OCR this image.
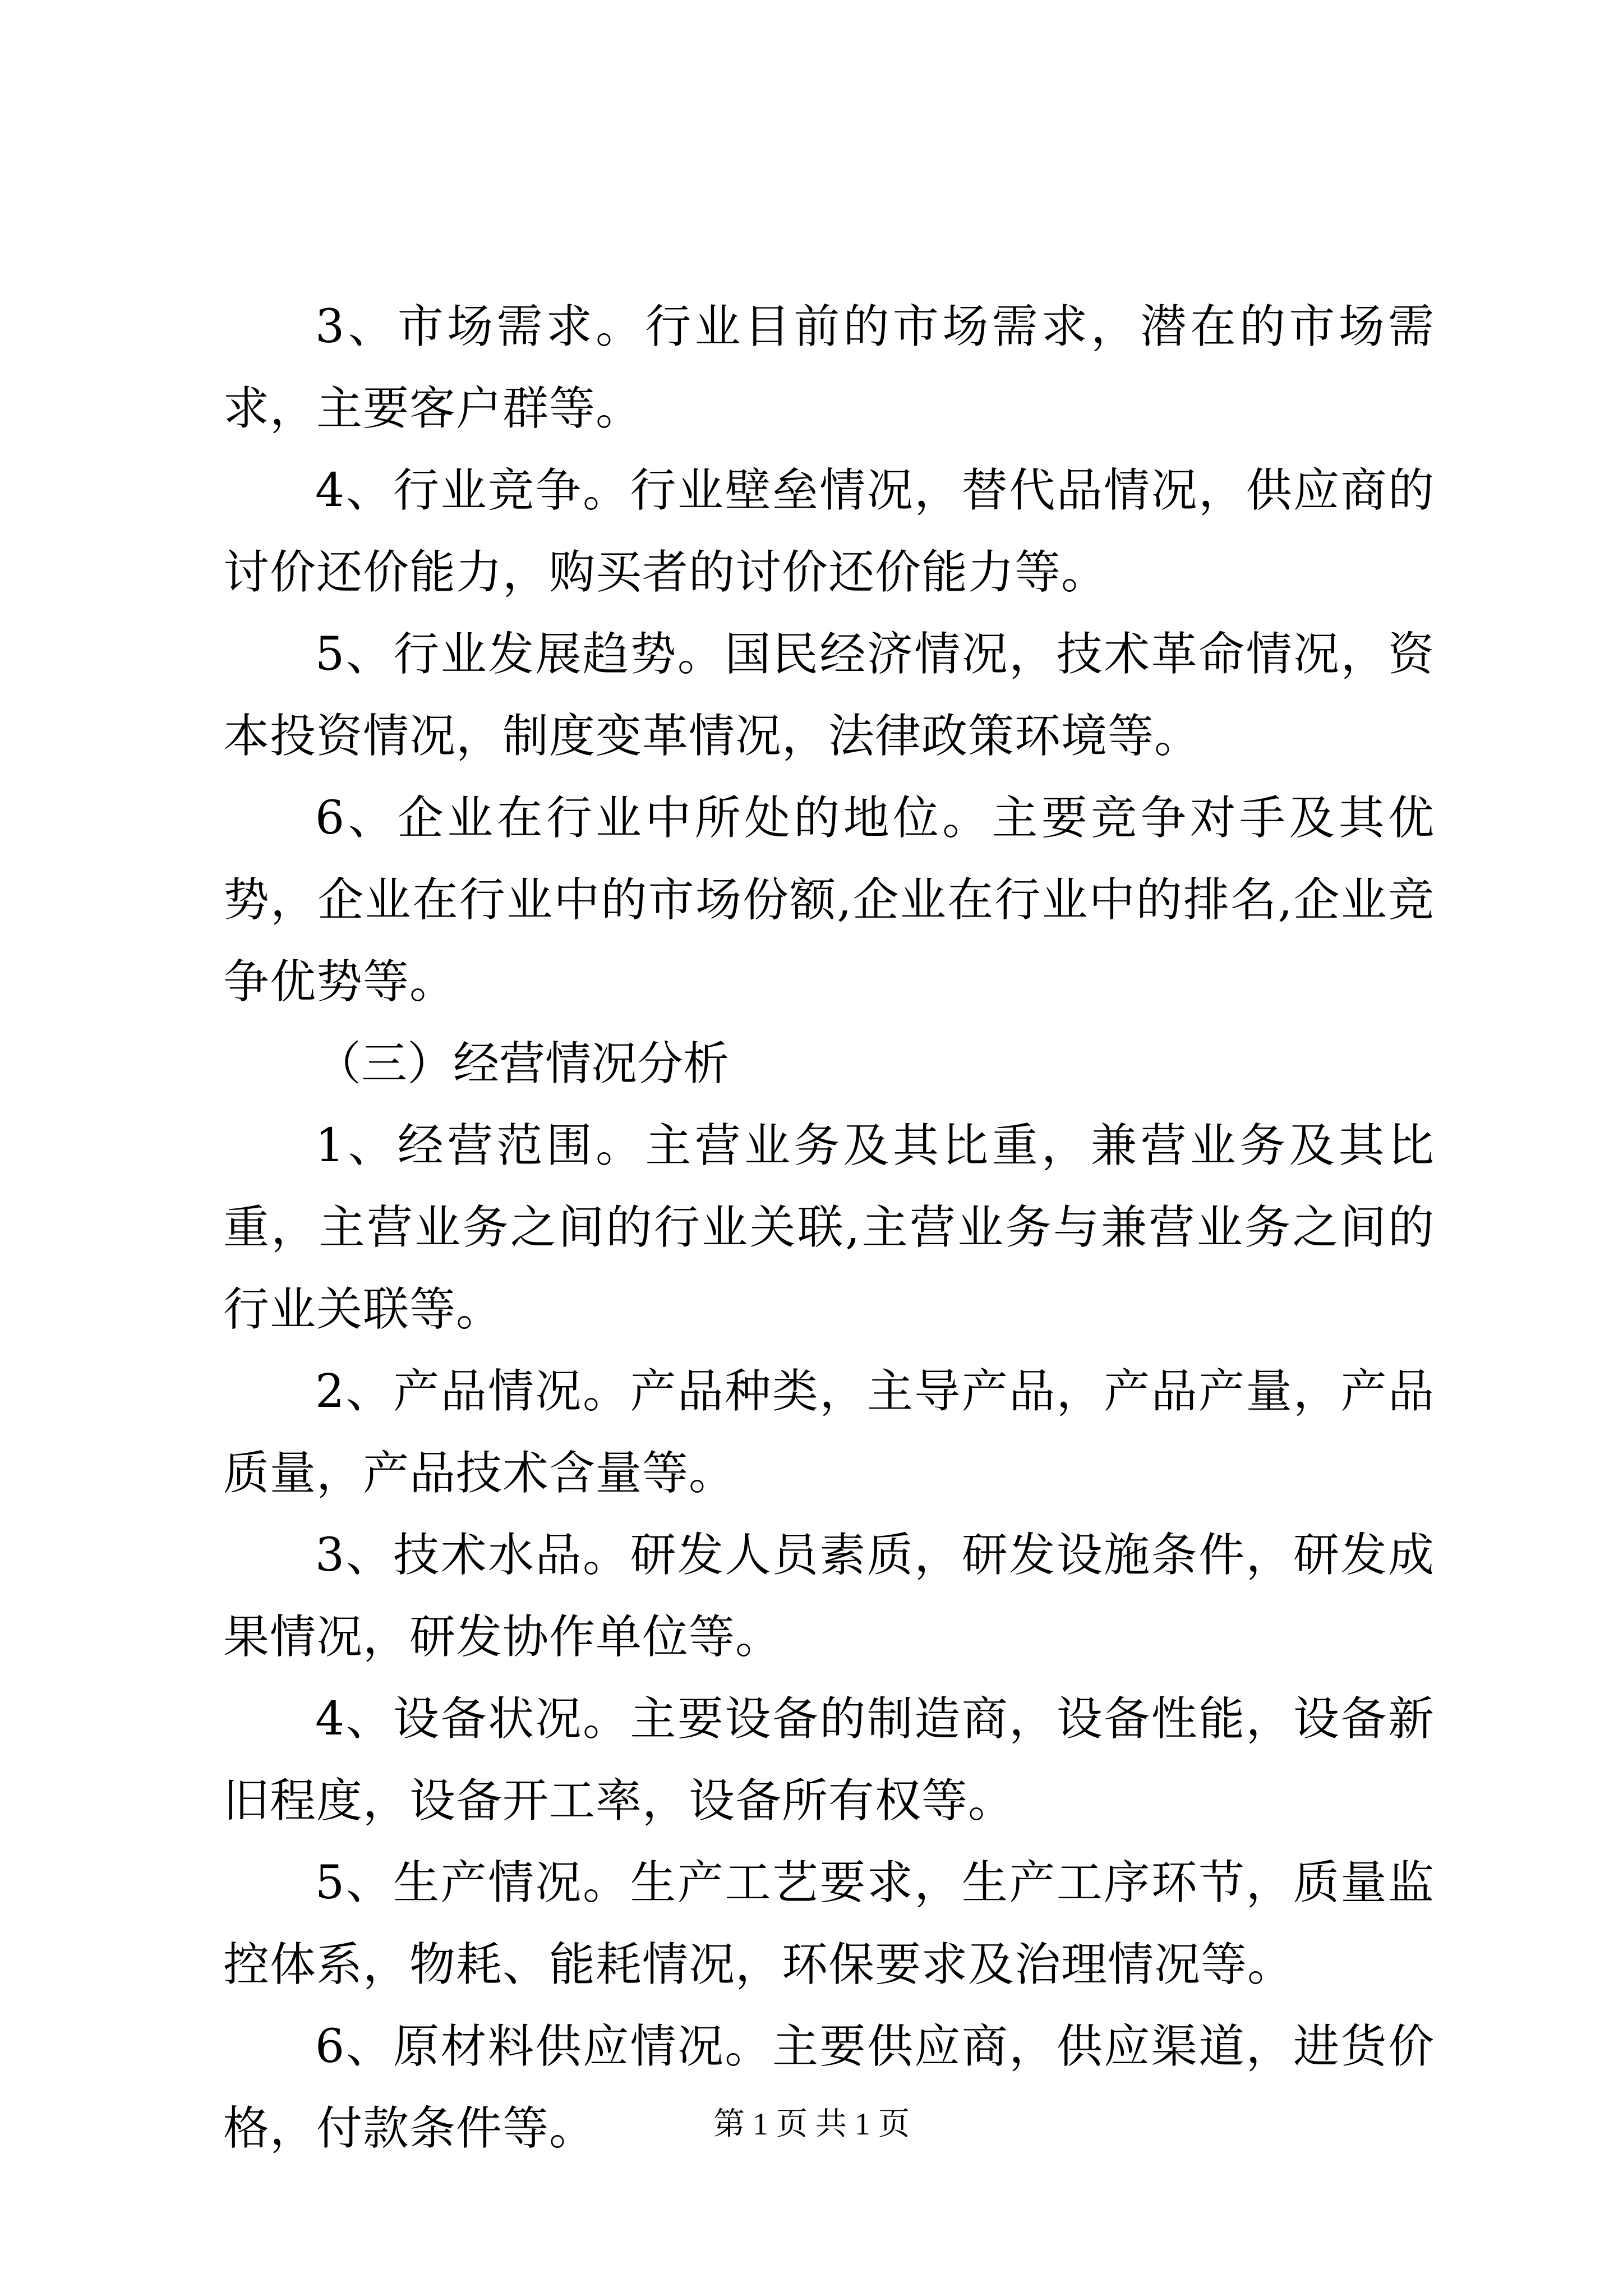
3、市场需求。行业目前的市场需求，潜在的市场需求，主要客户群等。

4、行业竞争。行业壁垒情况，替代品情况，供应商的讨价还价能力，购买者的讨价还价能力等。

5、行业发展趋势。国民经济情况，技术革命情况，资本投资情况，制度变革情况，法律政策环境等。

6、企业在行业中所处的地位。主要竞争对手及其优势，企业在行业中的市场份额,企业在行业中的排名,企业竞争优势等。

（三）经营情况分析

1、经营范围。主营业务及其比重，兼营业务及其比重，主营业务之间的行业关联,主营业务与兼营业务之间的行业关联等。

2、产品情况。产品种类，主导产品，产品产量，产品质量，产品技术含量等。

3、技术水品。研发人员素质，研发设施条件，研发成果情况，研发协作单位等。

4、设备状况。主要设备的制造商，设备性能，设备新旧程度，设备开工率，设备所有权等。

5、生产情况。生产工艺要求，生产工序环节，质量监控体系，物耗、能耗情况，环保要求及治理情况等。

6、原材料供应情况。主要供应商，供应渠道，进货价格，付款条件等。	第 1 页 共 1 页
